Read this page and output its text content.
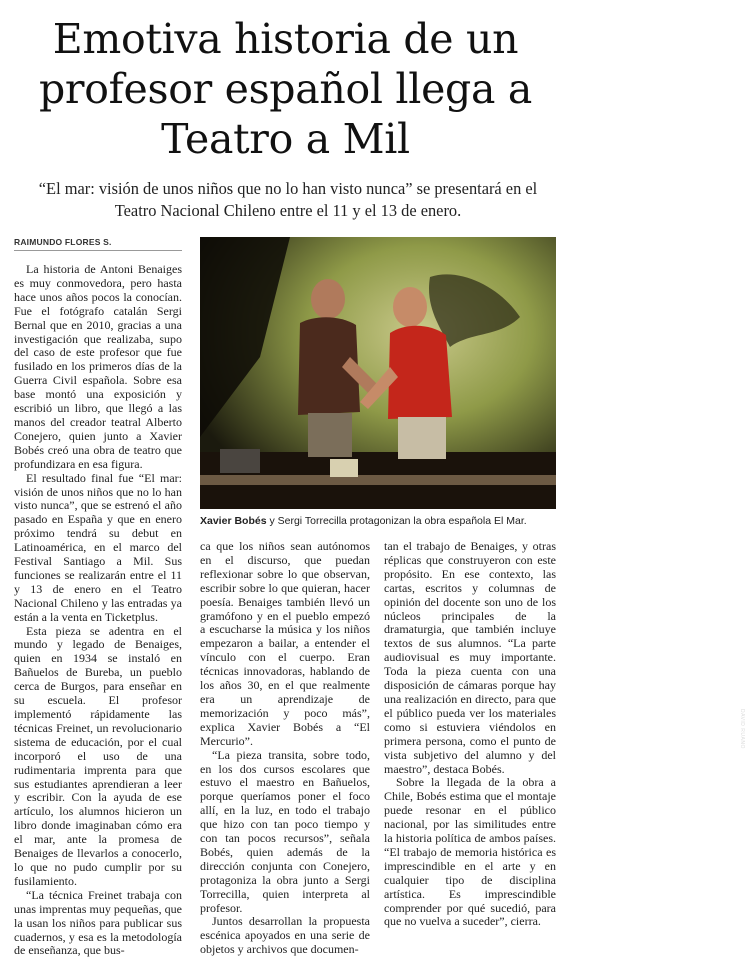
Emotiva historia de un
profesor español llega a
Teatro a Mil
“El mar: visión de unos niños que no lo han visto nunca” se presentará en el Teatro Nacional Chileno entre el 11 y el 13 de enero.
RAIMUNDO FLORES S.

La historia de Antoni Benaiges es muy conmovedora, pero hasta hace unos años pocos la conocían. Fue el fotógrafo catalán Sergi Bernal que en 2010, gracias a una investigación que realizaba, supo del caso de este profesor que fue fusilado en los primeros días de la Guerra Civil española. Sobre esa base montó una exposición y escribió un libro, que llegó a las manos del creador teatral Alberto Conejero, quien junto a Xavier Bobés creó una obra de teatro que profundizara en esa figura.

El resultado final fue “El mar: visión de unos niños que no lo han visto nunca”, que se estrenó el año pasado en España y que en enero próximo tendrá su debut en Latinoamérica, en el marco del Festival Santiago a Mil. Sus funciones se realizarán entre el 11 y 13 de enero en el Teatro Nacional Chileno y las entradas ya están a la venta en Ticketplus.

Esta pieza se adentra en el mundo y legado de Benaiges, quien en 1934 se instaló en Bañuelos de Bureba, un pueblo cerca de Burgos, para enseñar en su escuela. El profesor implementó rápidamente las técnicas Freinet, un revolucionario sistema de educación, por el cual incorporó el uso de una rudimentaria imprenta para que sus estudiantes aprendieran a leer y escribir. Con la ayuda de ese artículo, los alumnos hicieron un libro donde imaginaban cómo era el mar, ante la promesa de Benaiges de llevarlos a conocerlo, lo que no pudo cumplir por su fusilamiento.

“La técnica Freinet trabaja con unas imprentas muy pequeñas, que la usan los niños para publicar sus cuadernos, y esa es la metodología de enseñanza, que bus-

DAVID RUANO
Xavier Bobés y Sergi Torrecilla protagonizan la obra española El Mar.

ca que los niños sean autónomos en el discurso, que puedan reflexionar sobre lo que observan, escribir sobre lo que quieran, hacer poesía. Benaiges también llevó un gramófono y en el pueblo empezó a escucharse la música y los niños empezaron a bailar, a entender el vínculo con el cuerpo. Eran técnicas innovadoras, hablando de los años 30, en el que realmente era un aprendizaje de memorización y poco más”, explica Xavier Bobés a “El Mercurio”.

“La pieza transita, sobre todo, en los dos cursos escolares que estuvo el maestro en Bañuelos, porque queríamos poner el foco allí, en la luz, en todo el trabajo que hizo con tan poco tiempo y con tan pocos recursos”, señala Bobés, quien además de la dirección conjunta con Conejero, protagoniza la obra junto a Sergi Torrecilla, quien interpreta al profesor.

Juntos desarrollan la propuesta escénica apoyados en una serie de objetos y archivos que documen-

tan el trabajo de Benaiges, y otras réplicas que construyeron con este propósito. En ese contexto, las cartas, escritos y columnas de opinión del docente son uno de los núcleos principales de la dramaturgia, que también incluye textos de sus alumnos. “La parte audiovisual es muy importante. Toda la pieza cuenta con una disposición de cámaras porque hay una realización en directo, para que el público pueda ver los materiales como si estuviera viéndolos en primera persona, como el punto de vista subjetivo del alumno y del maestro”, destaca Bobés.

Sobre la llegada de la obra a Chile, Bobés estima que el montaje puede resonar en el público nacional, por las similitudes entre la historia política de ambos países. “El trabajo de memoria histórica es imprescindible en el arte y en cualquier tipo de disciplina artística. Es imprescindible comprender por qué sucedió, para que no vuelva a suceder”, cierra.
